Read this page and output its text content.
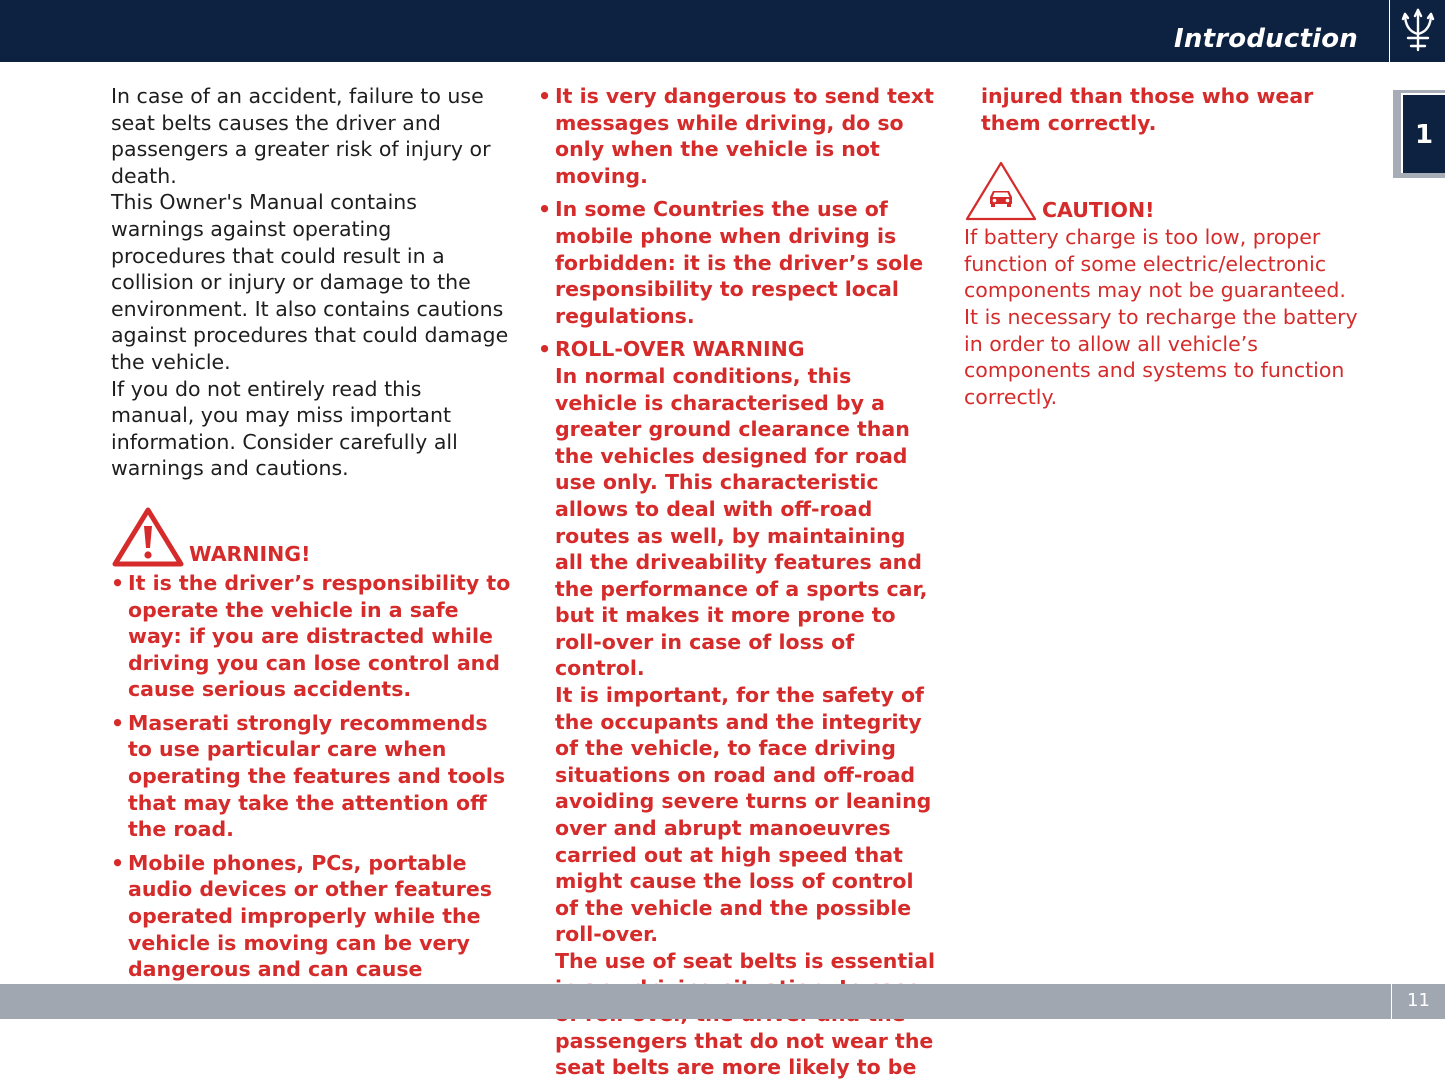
Introduction
1

In case of an accident, failure to use seat belts causes the driver and passengers a greater risk of injury or death.

This Owner's Manual contains warnings against operating procedures that could result in a collision or injury or damage to the environment. It also contains cautions against procedures that could damage the vehicle.

If you do not entirely read this manual, you may miss important information. Consider carefully all warnings and cautions.

WARNING!
• It is the driver’s responsibility to operate the vehicle in a safe way: if you are distracted while driving you can lose control and cause serious accidents.
• Maserati strongly recommends to use particular care when operating the features and tools that may take the attention off the road.
• Mobile phones, PCs, portable audio devices or other features operated improperly while the vehicle is moving can be very dangerous and can cause
• It is very dangerous to send text messages while driving, do so only when the vehicle is not moving.
• In some Countries the use of mobile phone when driving is forbidden: it is the driver’s sole responsibility to respect local regulations.
• ROLL-OVER WARNING

In normal conditions, this vehicle is characterised by a greater ground clearance than the vehicles designed for road use only. This characteristic allows to deal with off-road routes as well, by maintaining all the driveability features and the performance of a sports car, but it makes it more prone to roll-over in case of loss of control.

It is important, for the safety of the occupants and the integrity of the vehicle, to face driving situations on road and off-road avoiding severe turns or leaning over and abrupt manoeuvres carried out at high speed that might cause the loss of control of the vehicle and the possible roll-over.

The use of seat belts is essential passengers that do not wear the seat belts are more likely to be

injured than those who wear them correctly.

CAUTION!

If battery charge is too low, proper function of some electric/electronic components may not be guaranteed. It is necessary to recharge the battery in order to allow all vehicle’s components and systems to function correctly.

11
